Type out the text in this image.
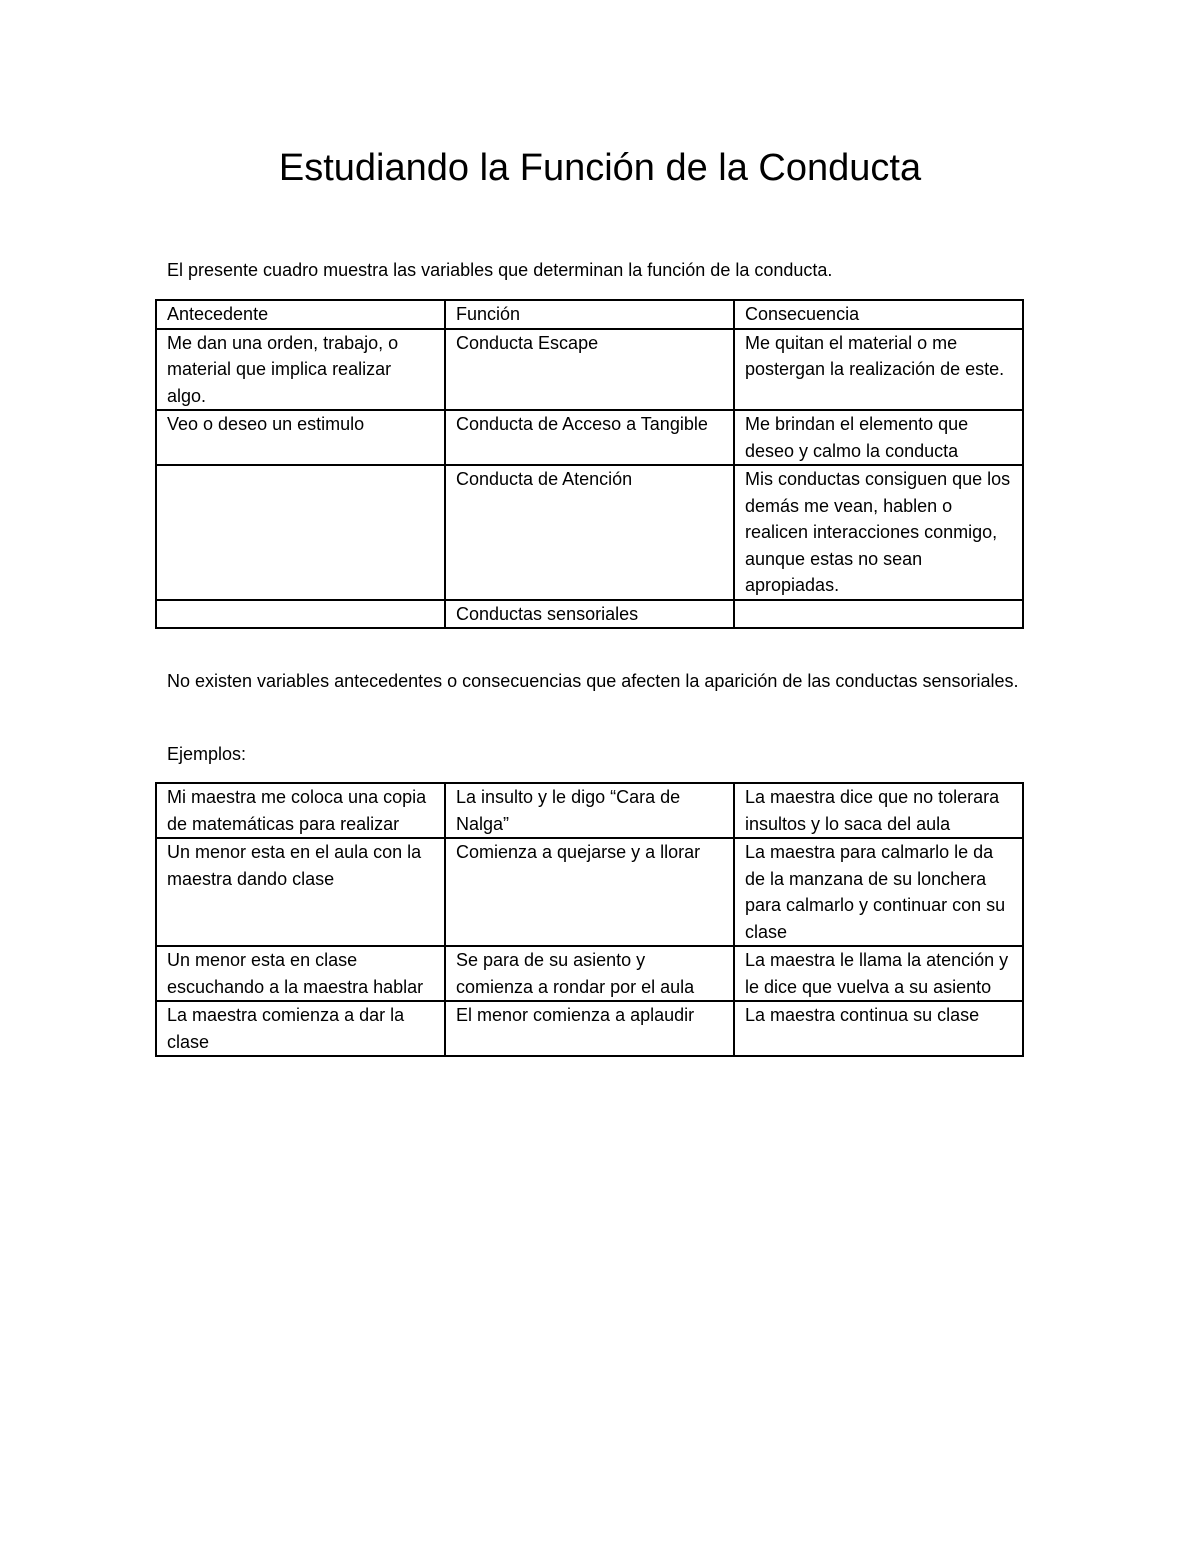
Estudiando la Función de la Conducta

El presente cuadro muestra las variables que determinan la función de la conducta.

Antecedente	Función	Consecuencia
Me dan una orden, trabajo, o material que implica realizar algo.	Conducta Escape	Me quitan el material o me postergan la realización de este.
Veo o deseo un estimulo	Conducta de Acceso a Tangible	Me brindan el elemento que deseo y calmo la conducta
	Conducta de Atención	Mis conductas consiguen que los demás me vean, hablen o realicen interacciones conmigo, aunque estas no sean apropiadas.
	Conductas sensoriales	

No existen variables antecedentes o consecuencias que afecten la aparición de las conductas sensoriales.

Ejemplos:

Mi maestra me coloca una copia de matemáticas para realizar	La insulto y le digo “Cara de Nalga”	La maestra dice que no tolerara insultos y lo saca del aula
Un menor esta en el aula con la maestra dando clase	Comienza a quejarse y a llorar	La maestra para calmarlo le da de la manzana de su lonchera para calmarlo y continuar con su clase
Un menor esta en clase escuchando a la maestra hablar	Se para de su asiento y comienza a rondar por el aula	La maestra le llama la atención y le dice que vuelva a su asiento
La maestra comienza a dar la clase	El menor comienza a aplaudir	La maestra continua su clase
